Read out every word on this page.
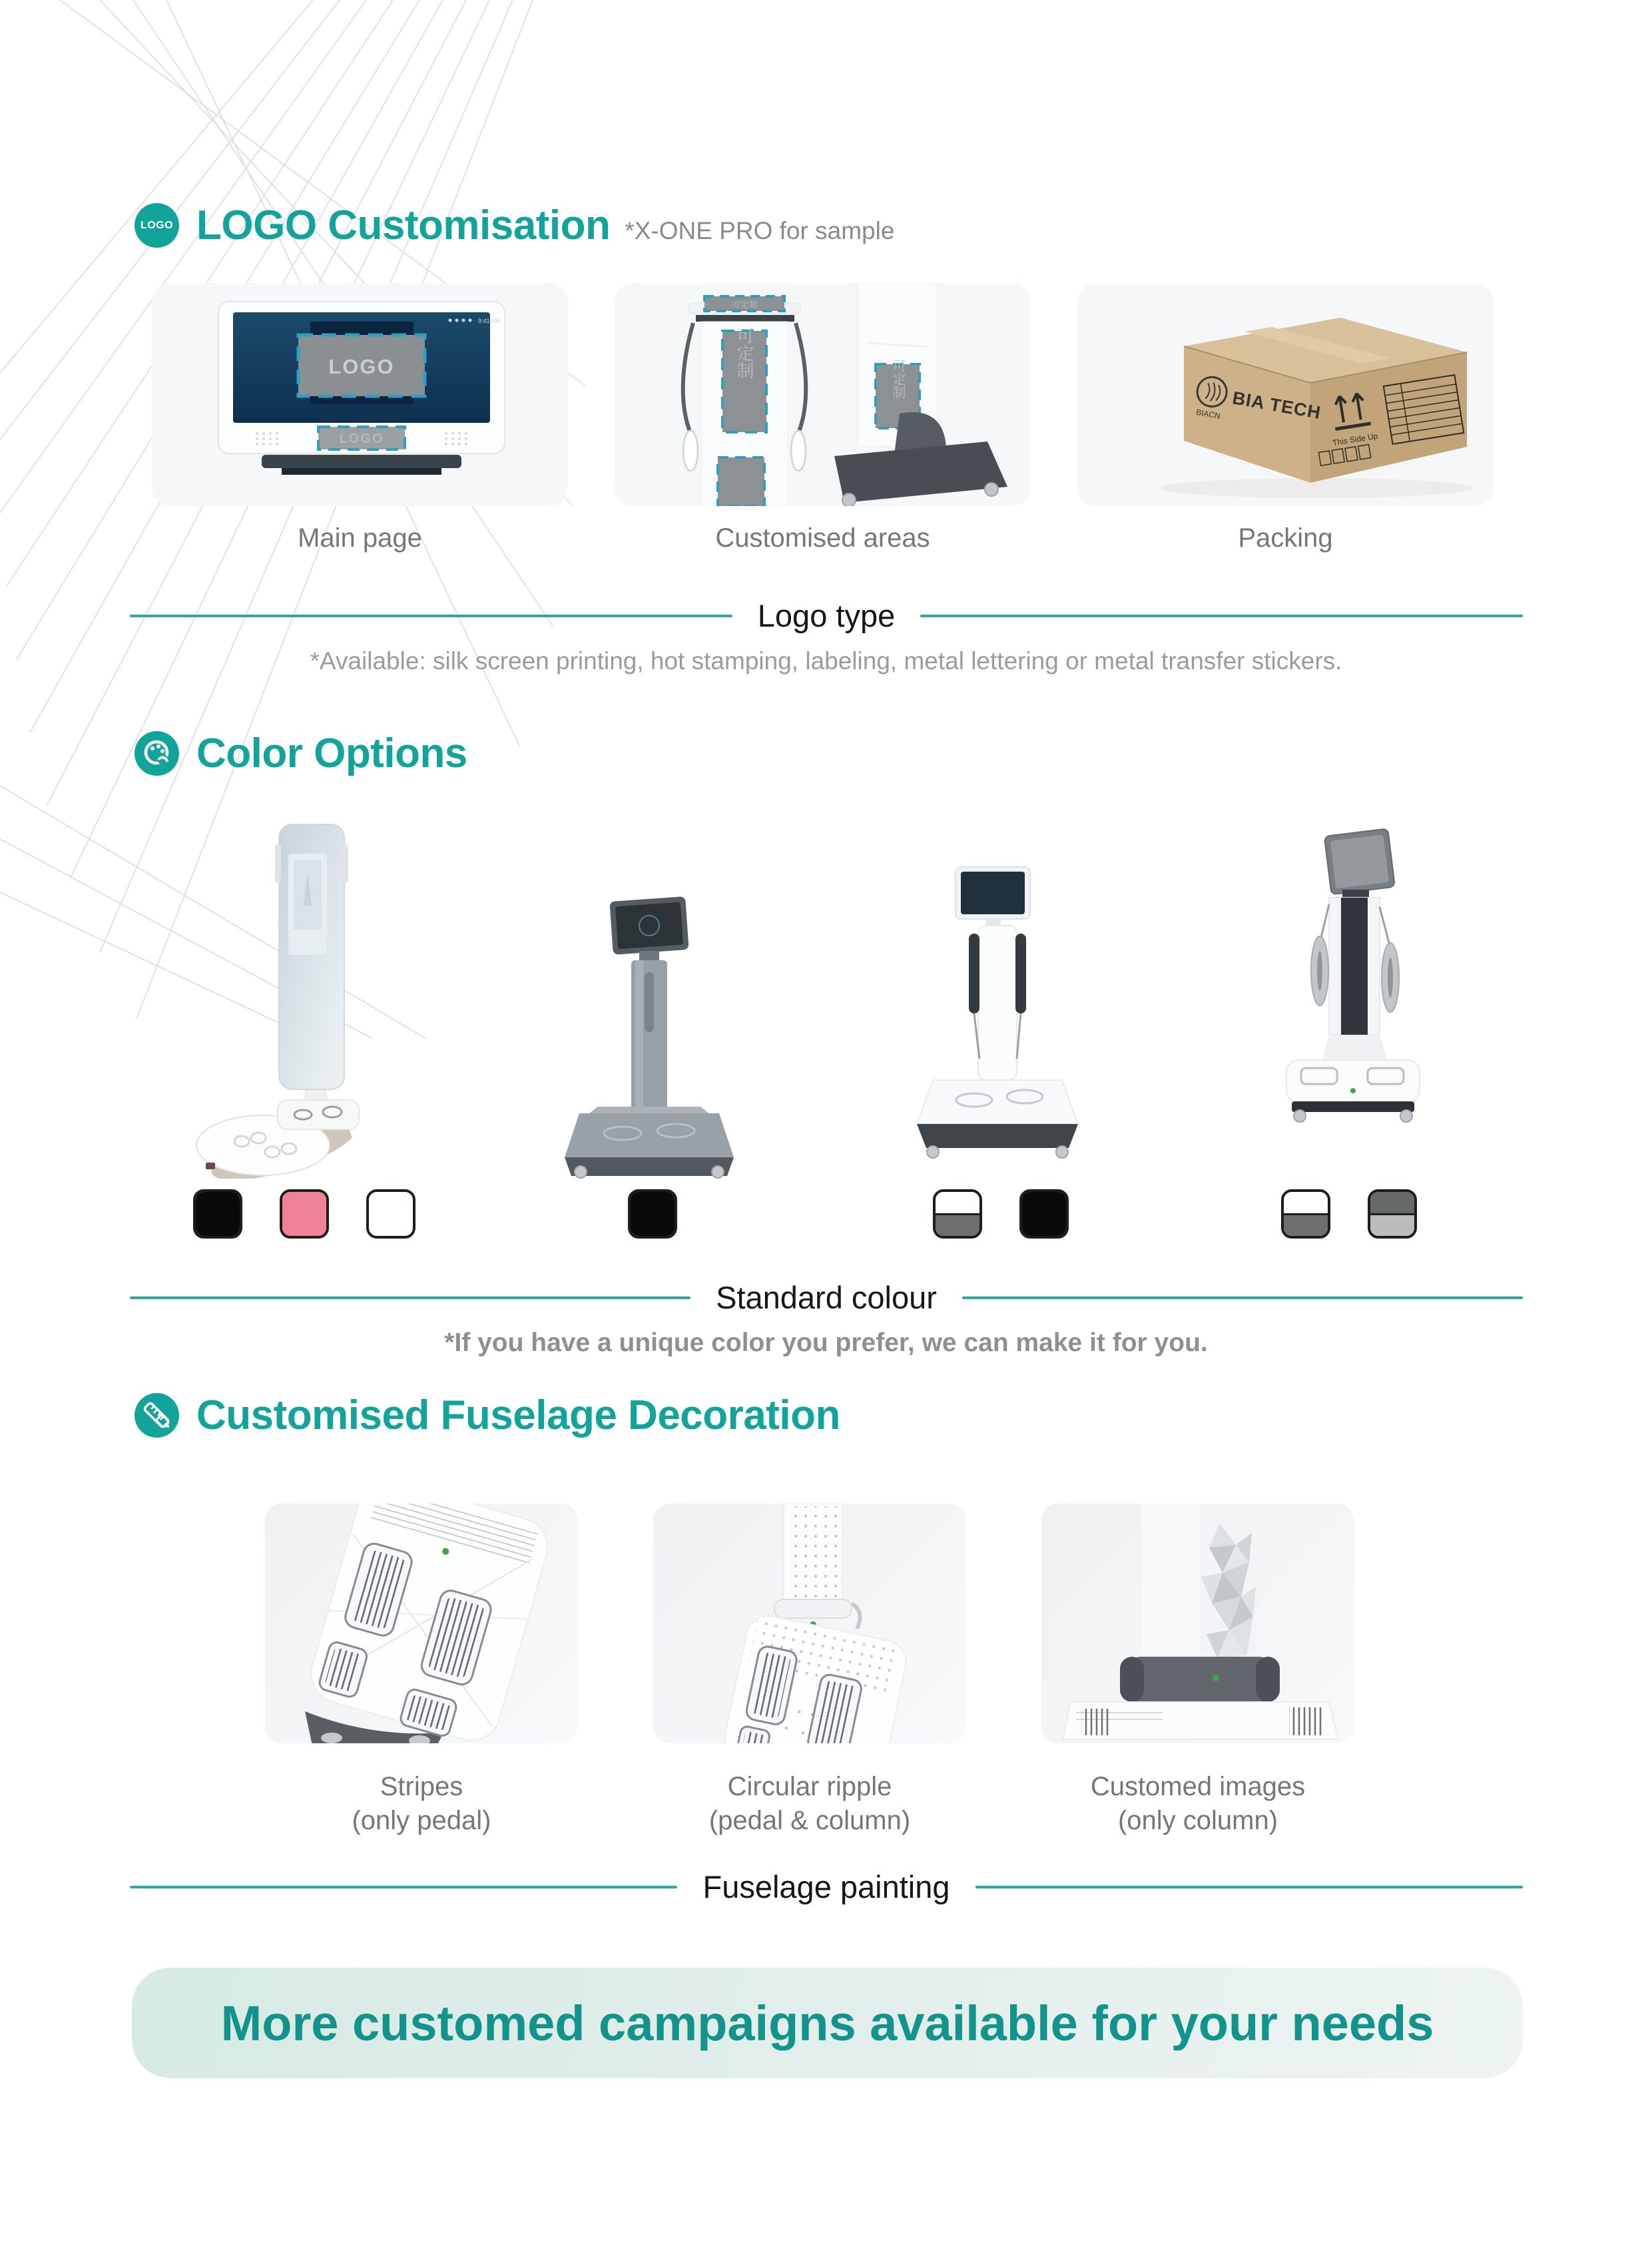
LOGO LOGO Customisation *X-ONE PRO for sample
9:41 AM
LOGO
LOGO
Main page
可定制
可定制	可定制
Customised areas
BIA TECH
BIACN
This Side Up
Packing
Logo type
*Available: silk screen printing, hot stamping, labeling, metal lettering or metal transfer stickers.
Color Options
Standard colour
*If you have a unique color you prefer, we can make it for you.
Customised Fuselage Decoration
Stripes
(only pedal)
Circular ripple
(pedal & column)
Customed images
(only column)
Fuselage painting
More customed campaigns available for your needs
